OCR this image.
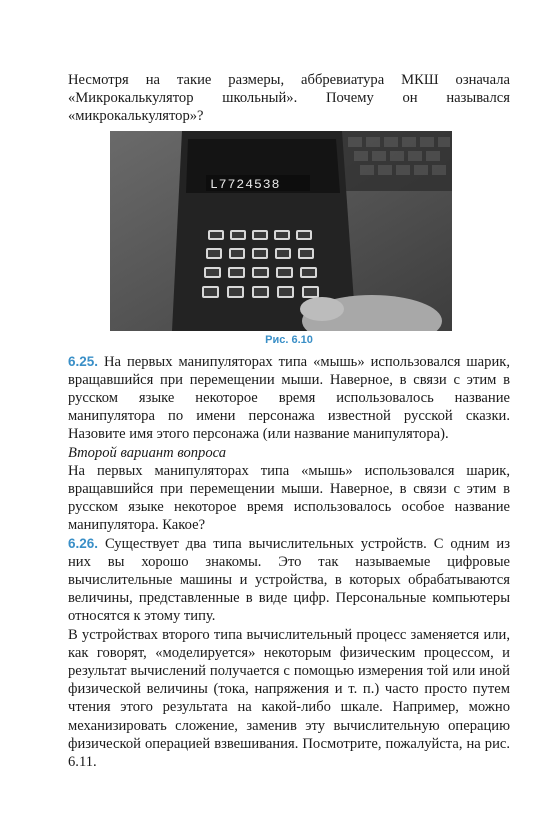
Несмотря на такие размеры, аббревиатура МКШ означала «Микрокалькулятор школьный». Почему он назывался «микрокалькулятор»?

L7724538
Рис. 6.10

6.25. На первых манипуляторах типа «мышь» использовался шарик, вращавшийся при перемещении мыши. Наверное, в связи с этим в русском языке некоторое время использовалось название манипулятора по имени персонажа известной русской сказки. Назовите имя этого персонажа (или название манипулятора).

Второй вариант вопроса

На первых манипуляторах типа «мышь» использовался шарик, вращавшийся при перемещении мыши. Наверное, в связи с этим в русском языке некоторое время использовалось особое название манипулятора. Какое?

6.26. Существует два типа вычислительных устройств. С одним из них вы хорошо знакомы. Это так называемые цифровые вычислительные машины и устройства, в которых обрабатываются величины, представленные в виде цифр. Персональные компьютеры относятся к этому типу.

В устройствах второго типа вычислительный процесс заменяется или, как говорят, «моделируется» некоторым физическим процессом, и результат вычислений получается с помощью измерения той или иной физической величины (тока, напряжения и т. п.) часто просто путем чтения этого результата на какой-либо шкале. Например, можно механизировать сложение, заменив эту вычислительную операцию физической операцией взвешивания. Посмотрите, пожалуйста, на рис. 6.11.
